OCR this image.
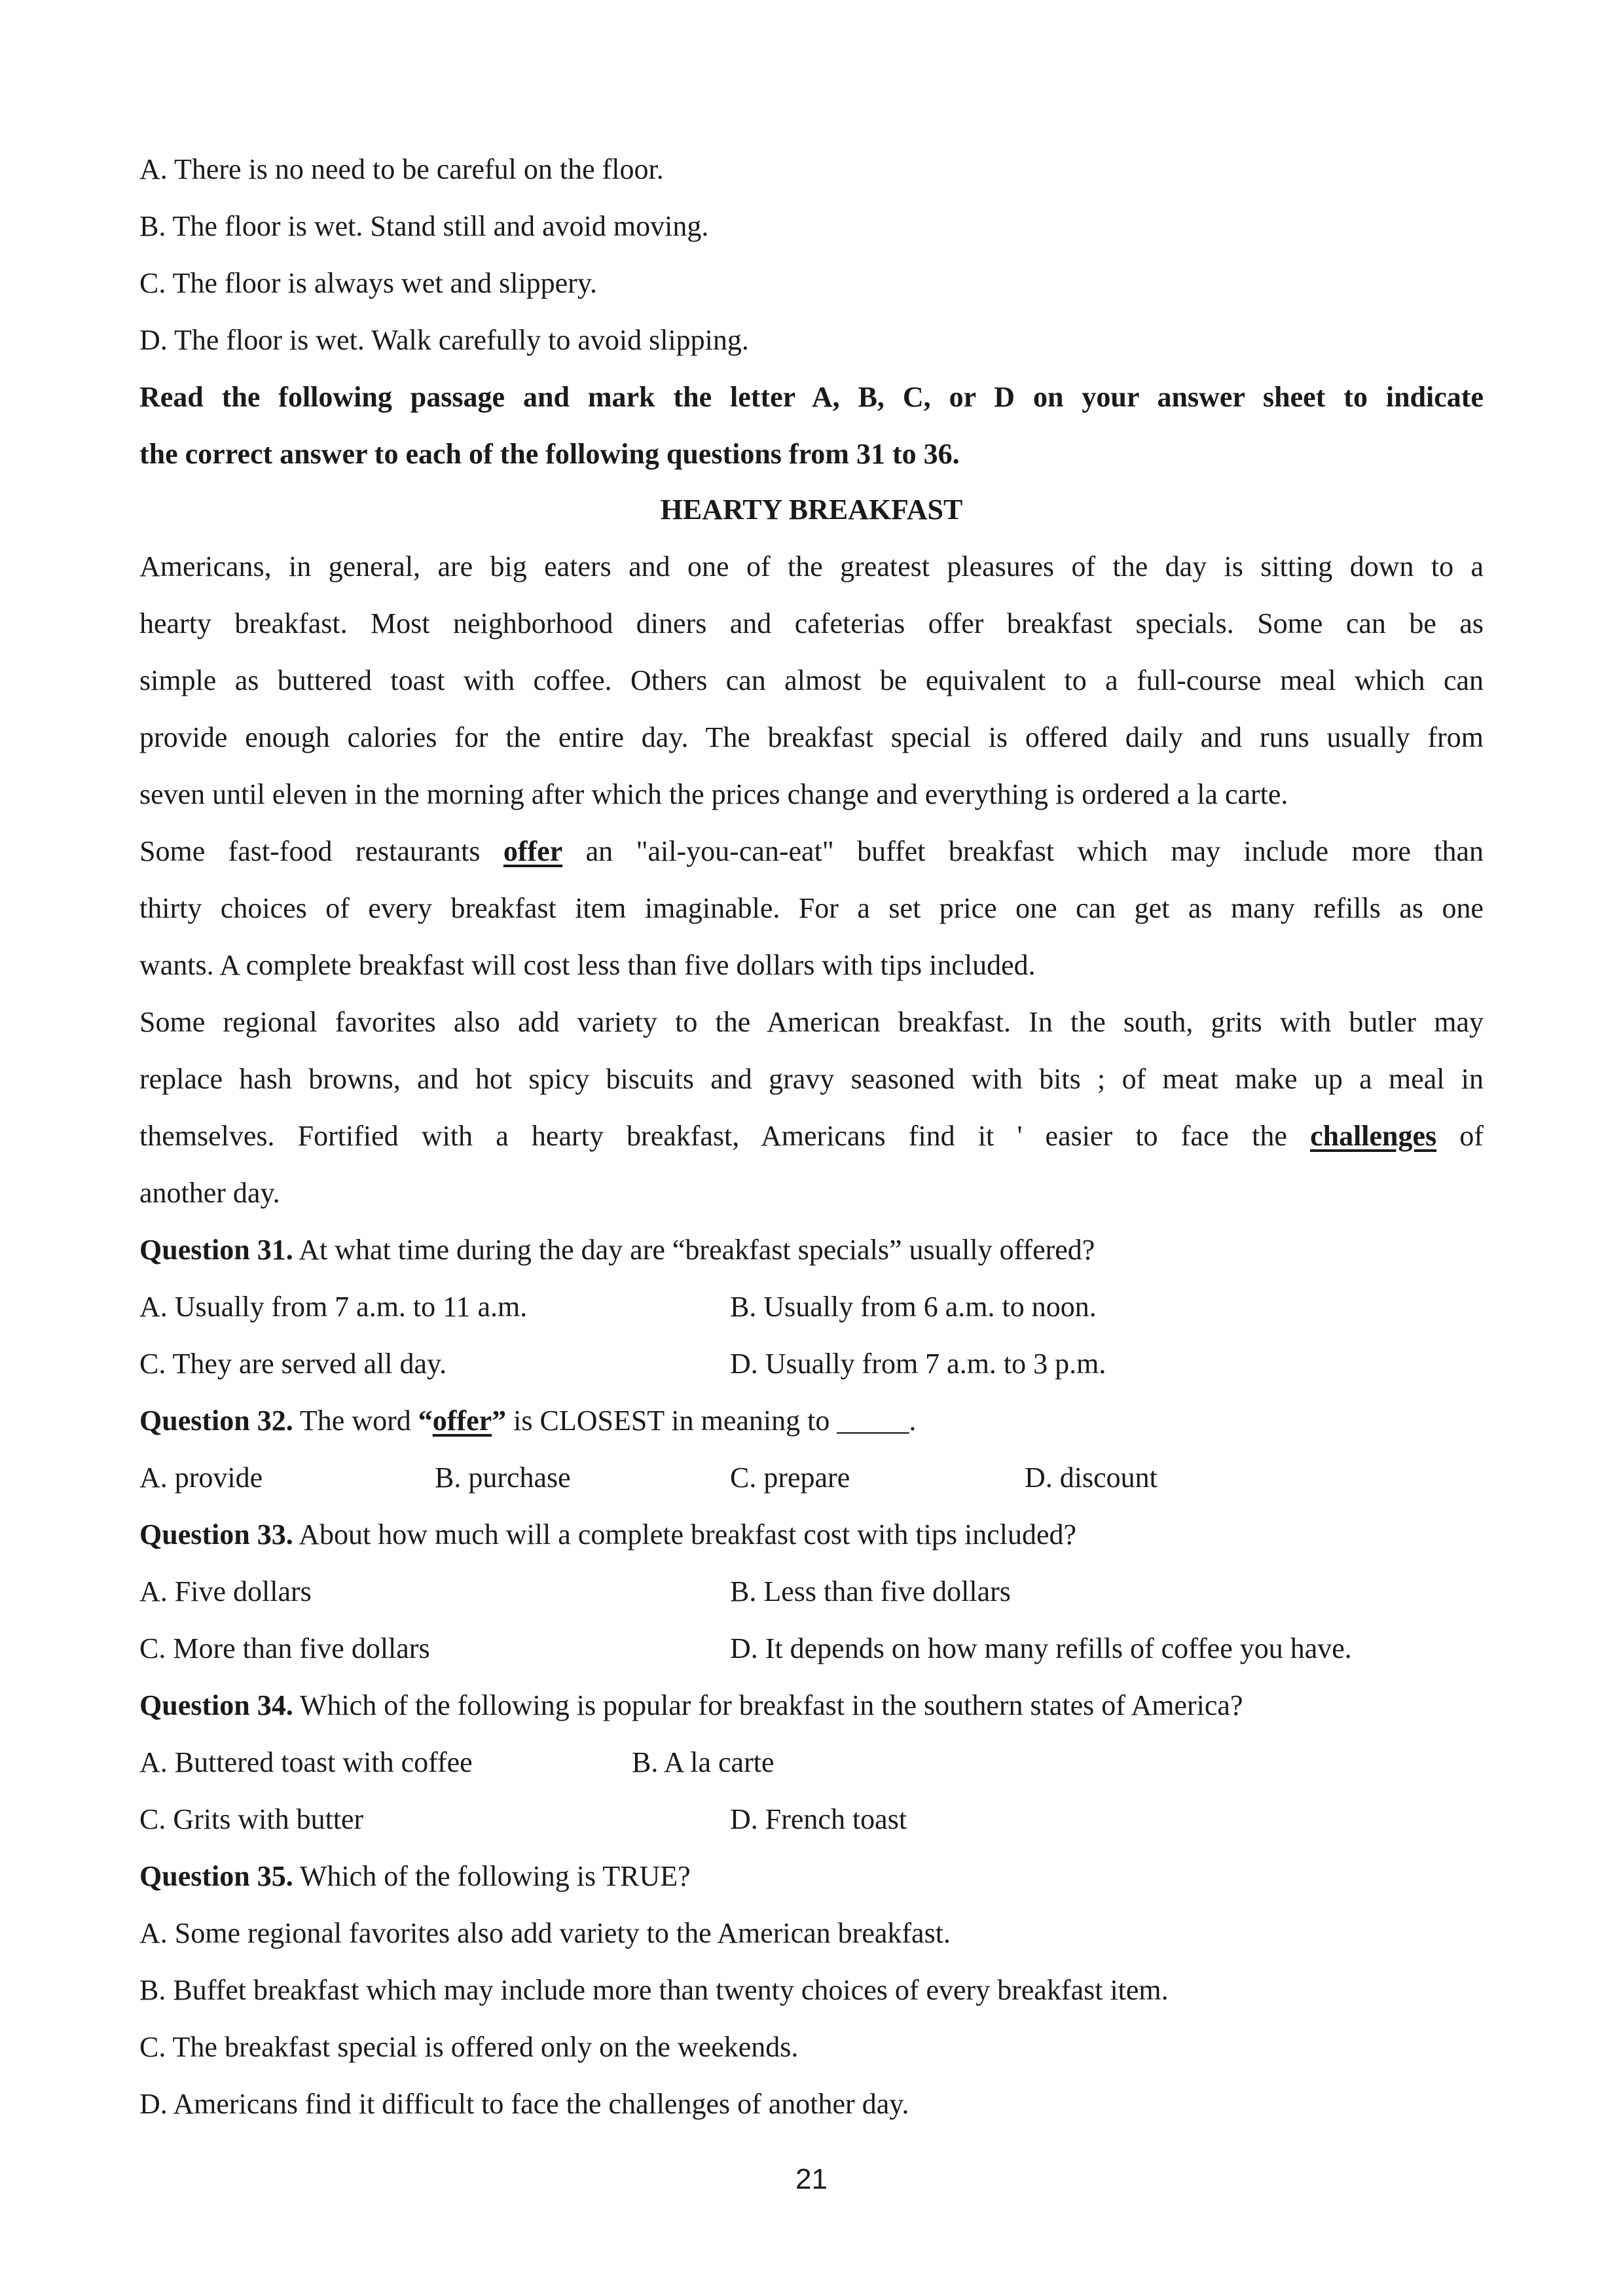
A. There is no need to be careful on the floor.
B. The floor is wet. Stand still and avoid moving.
C. The floor is always wet and slippery.
D. The floor is wet. Walk carefully to avoid slipping.
Read the following passage and mark the letter A, B, C, or D on your answer sheet to indicate
the correct answer to each of the following questions from 31 to 36.
HEARTY BREAKFAST
Americans, in general, are big eaters and one of the greatest pleasures of the day is sitting down to a
hearty breakfast. Most neighborhood diners and cafeterias offer breakfast specials. Some can be as
simple as buttered toast with coffee. Others can almost be equivalent to a full-course meal which can
provide enough calories for the entire day. The breakfast special is offered daily and runs usually from
seven until eleven in the morning after which the prices change and everything is ordered a la carte.
Some fast-food restaurants offer an "ail-you-can-eat" buffet breakfast which may include more than
thirty choices of every breakfast item imaginable. For a set price one can get as many refills as one
wants. A complete breakfast will cost less than five dollars with tips included.
Some regional favorites also add variety to the American breakfast. In the south, grits with butler may
replace hash browns, and hot spicy biscuits and gravy seasoned with bits ; of meat make up a meal in
themselves. Fortified with a hearty breakfast, Americans find it ' easier to face the challenges of
another day.
Question 31. At what time during the day are “breakfast specials” usually offered?
A. Usually from 7 a.m. to 11 a.m.	B. Usually from 6 a.m. to noon.
C. They are served all day.	D. Usually from 7 a.m. to 3 p.m.
Question 32. The word “offer” is CLOSEST in meaning to _____.
A. provide	B. purchase	C. prepare	D. discount
Question 33. About how much will a complete breakfast cost with tips included?
A. Five dollars	B. Less than five dollars
C. More than five dollars	D. It depends on how many refills of coffee you have.
Question 34. Which of the following is popular for breakfast in the southern states of America?
A. Buttered toast with coffee	B. A la carte
C. Grits with butter	D. French toast
Question 35. Which of the following is TRUE?
A. Some regional favorites also add variety to the American breakfast.
B. Buffet breakfast which may include more than twenty choices of every breakfast item.
C. The breakfast special is offered only on the weekends.
D. Americans find it difficult to face the challenges of another day.
21
